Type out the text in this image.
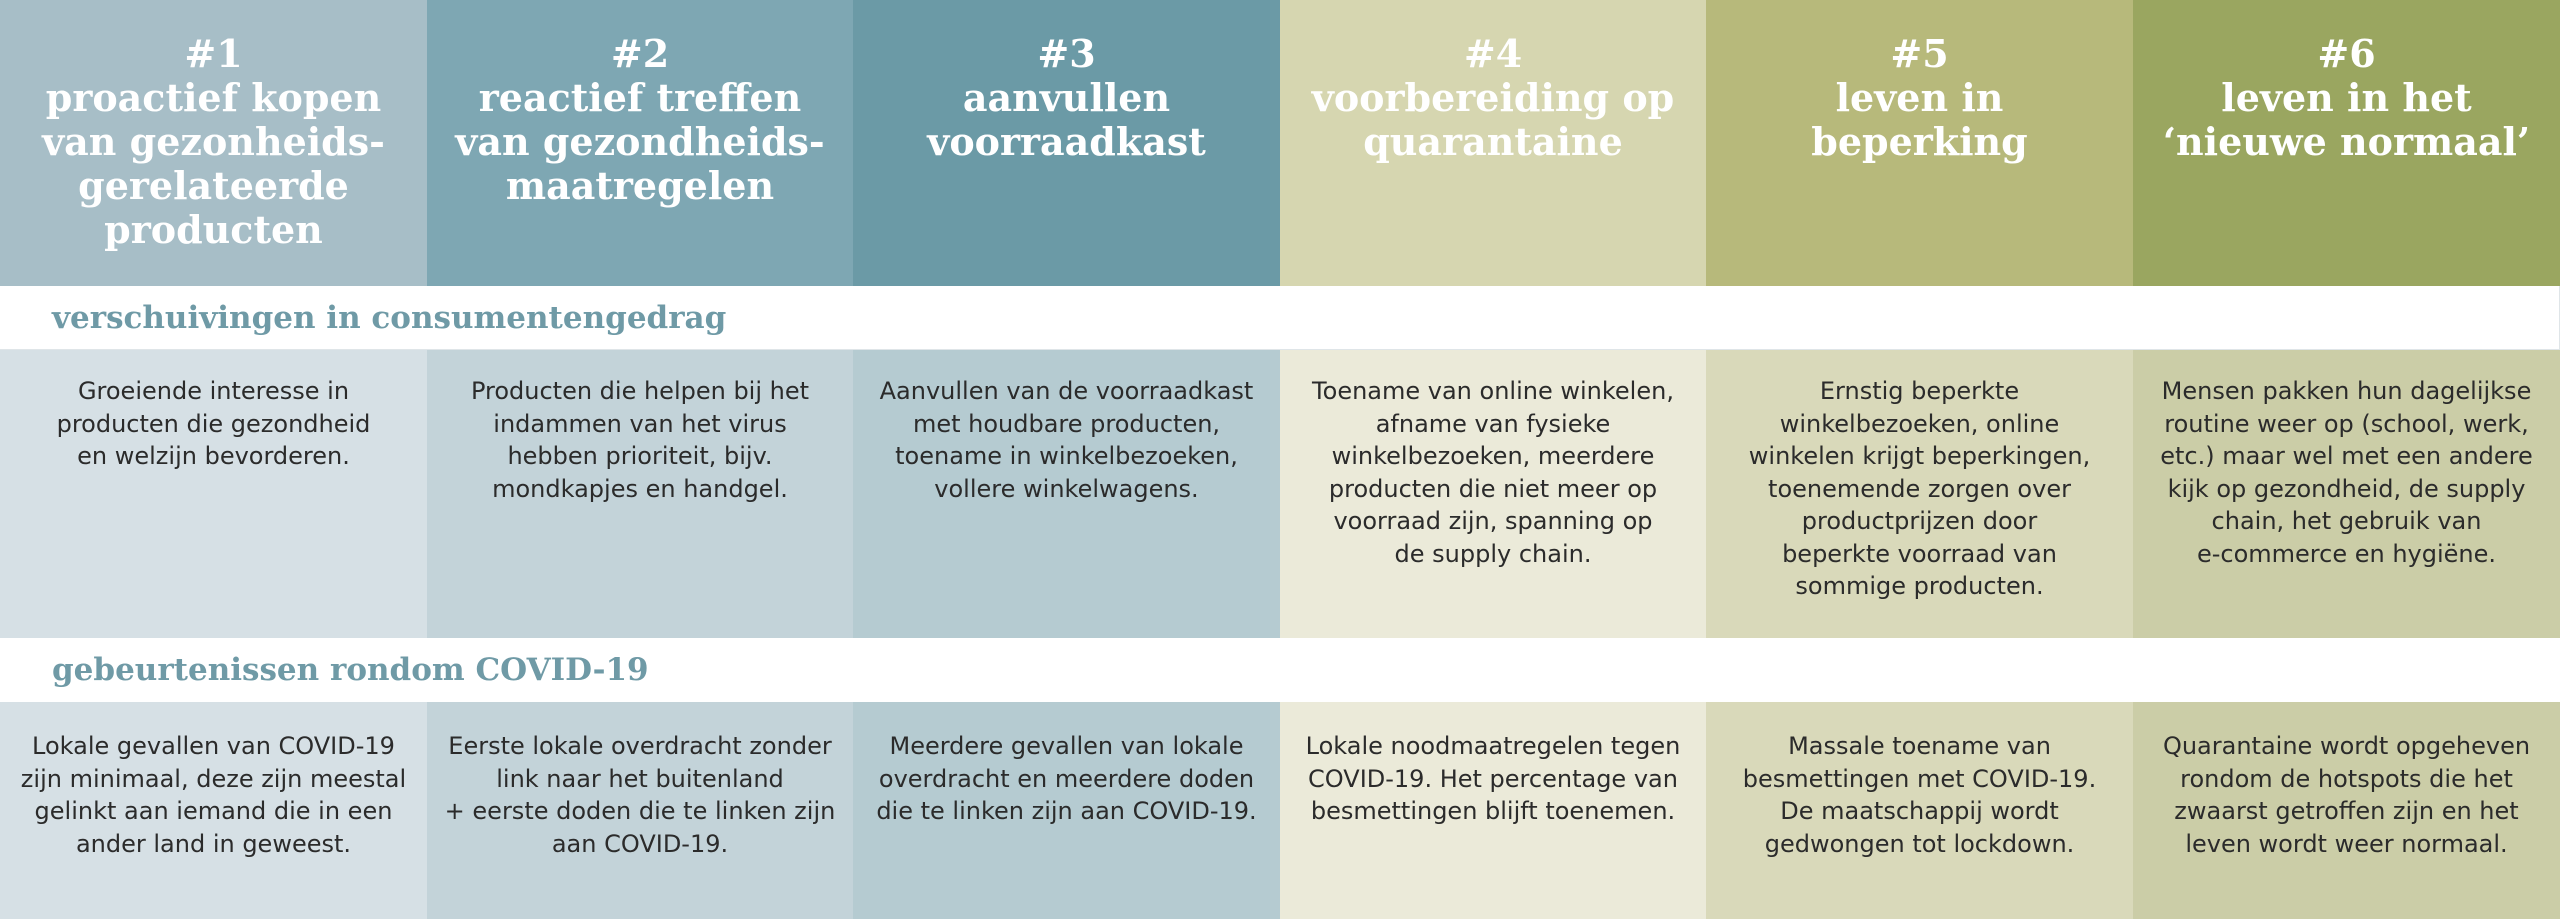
#1
proactief kopen
van gezonheids-
gerelateerde
producten
#2
reactief treffen
van gezondheids-
maatregelen
#3
aanvullen
voorraadkast
#4
voorbereiding op
quarantaine
#5
leven in
beperking
#6
leven in het
‘nieuwe normaal’
verschuivingen in consumentengedrag
Groeiende interesse in
producten die gezondheid
en welzijn bevorderen.
Producten die helpen bij het
indammen van het virus
hebben prioriteit, bijv.
mondkapjes en handgel.
Aanvullen van de voorraadkast
met houdbare producten,
toename in winkelbezoeken,
vollere winkelwagens.
Toename van online winkelen,
afname van fysieke
winkelbezoeken, meerdere
producten die niet meer op
voorraad zijn, spanning op
de supply chain.
Ernstig beperkte
winkelbezoeken, online
winkelen krijgt beperkingen,
toenemende zorgen over
productprijzen door
beperkte voorraad van
sommige producten.
Mensen pakken hun dagelijkse
routine weer op (school, werk,
etc.) maar wel met een andere
kijk op gezondheid, de supply
chain, het gebruik van
e-commerce en hygiëne.
gebeurtenissen rondom COVID-19
Lokale gevallen van COVID-19
zijn minimaal, deze zijn meestal
gelinkt aan iemand die in een
ander land in geweest.
Eerste lokale overdracht zonder
link naar het buitenland
+ eerste doden die te linken zijn
aan COVID-19.
Meerdere gevallen van lokale
overdracht en meerdere doden
die te linken zijn aan COVID-19.
Lokale noodmaatregelen tegen
COVID-19. Het percentage van
besmettingen blijft toenemen.
Massale toename van
besmettingen met COVID-19.
De maatschappij wordt
gedwongen tot lockdown.
Quarantaine wordt opgeheven
rondom de hotspots die het
zwaarst getroffen zijn en het
leven wordt weer normaal.
